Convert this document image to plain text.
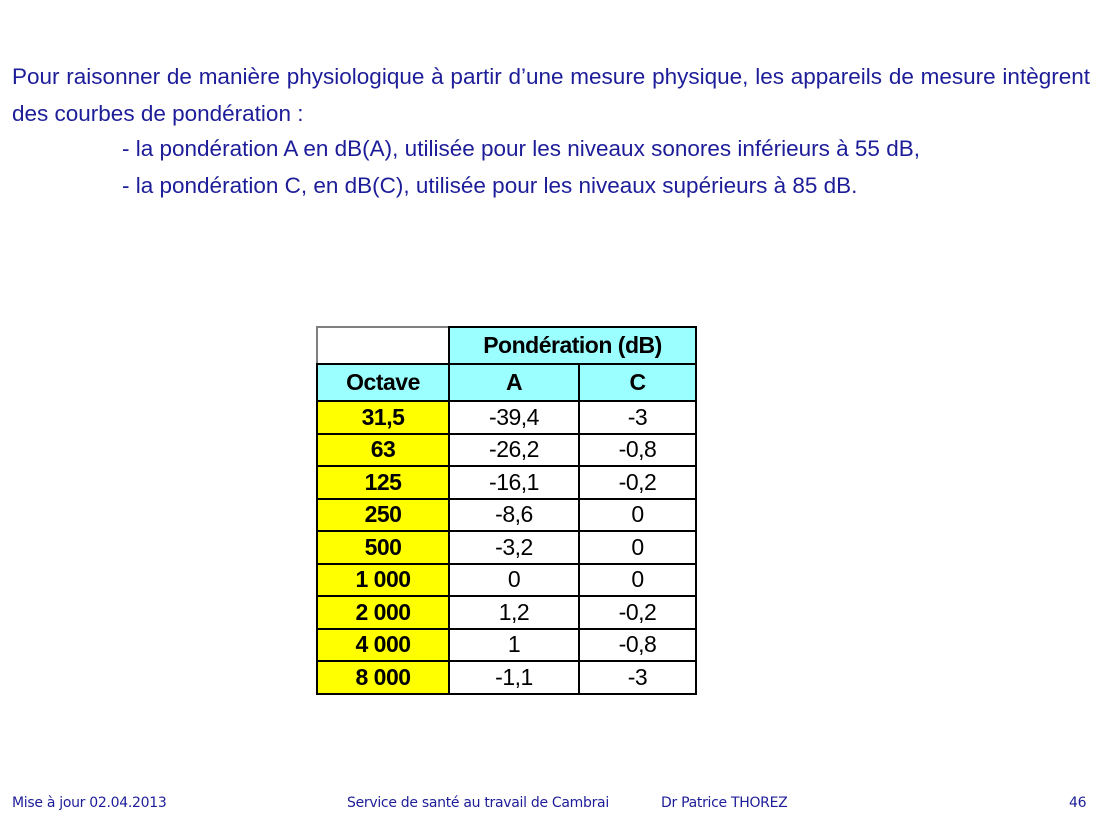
Pour raisonner de manière physiologique à partir d’une mesure physique, les appareils de mesure intègrent des courbes de pondération :

- la pondération A en dB(A), utilisée pour les niveaux sonores inférieurs à 55 dB,

- la pondération C, en dB(C), utilisée pour les niveaux supérieurs à 85 dB.

	Pondération (dB)	
Octave	A	C
31,5	-39,4	-3
63	-26,2	-0,8
125	-16,1	-0,2
250	-8,6	0
500	-3,2	0
1 000	0	0
2 000	1,2	-0,2
4 000	1	-0,8
8 000	-1,1	-3
Mise à jour 02.04.2013	Service de santé au travail de Cambrai	Dr Patrice THOREZ	46
